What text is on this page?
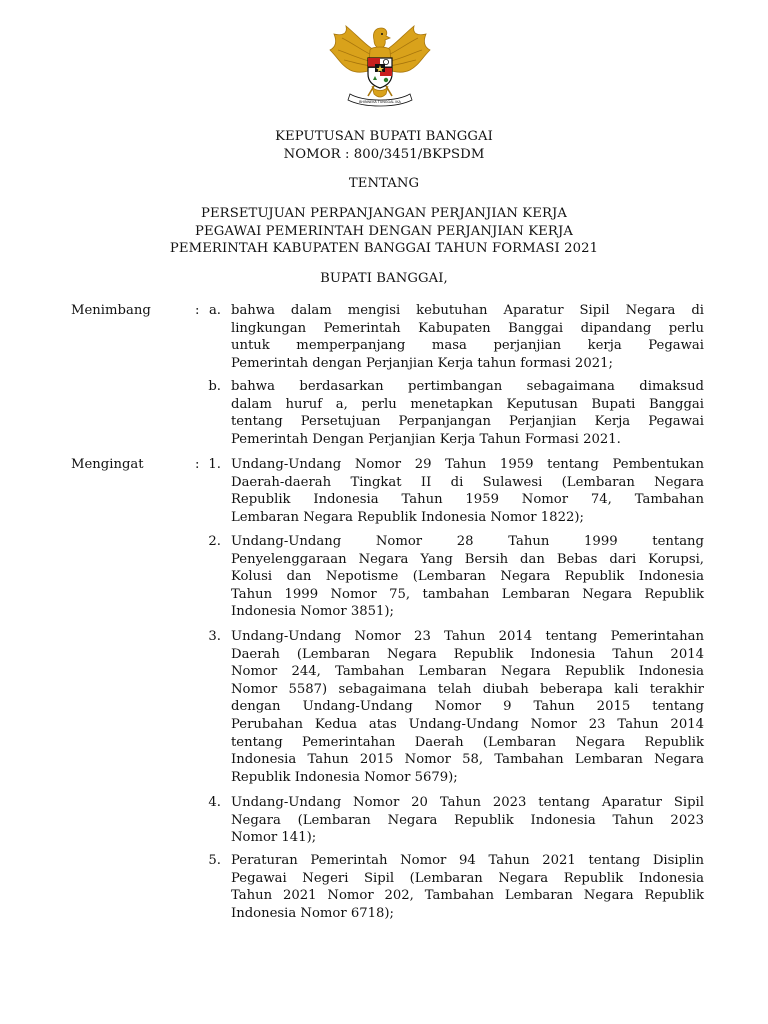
BHINNEKA TUNGGAL IKA
KEPUTUSAN BUPATI BANGGAI
NOMOR : 800/3451/BKPSDM
TENTANG
PERSETUJUAN PERPANJANGAN PERJANJIAN KERJA
PEGAWAI PEMERINTAH DENGAN PERJANJIAN KERJA
PEMERINTAH KABUPATEN BANGGAI TAHUN FORMASI 2021
BUPATI BANGGAI,
Menimbang	: a. bahwa dalam mengisi kebutuhan Aparatur Sipil Negara di
lingkungan Pemerintah Kabupaten Banggai dipandang perlu
untuk memperpanjang masa perjanjian kerja Pegawai
Pemerintah dengan Perjanjian Kerja tahun formasi 2021;
b. bahwa berdasarkan pertimbangan sebagaimana dimaksud
dalam huruf a, perlu menetapkan Keputusan Bupati Banggai
tentang Persetujuan Perpanjangan Perjanjian Kerja Pegawai
Pemerintah Dengan Perjanjian Kerja Tahun Formasi 2021.
Mengingat	: 1. Undang-Undang Nomor 29 Tahun 1959 tentang Pembentukan
Daerah-daerah Tingkat II di Sulawesi (Lembaran Negara
Republik Indonesia Tahun 1959 Nomor 74, Tambahan
Lembaran Negara Republik Indonesia Nomor 1822);
2. Undang-Undang Nomor 28 Tahun 1999 tentang
Penyelenggaraan Negara Yang Bersih dan Bebas dari Korupsi,
Kolusi dan Nepotisme (Lembaran Negara Republik Indonesia
Tahun 1999 Nomor 75, tambahan Lembaran Negara Republik
Indonesia Nomor 3851);
3. Undang-Undang Nomor 23 Tahun 2014 tentang Pemerintahan
Daerah (Lembaran Negara Republik Indonesia Tahun 2014
Nomor 244, Tambahan Lembaran Negara Republik Indonesia
Nomor 5587) sebagaimana telah diubah beberapa kali terakhir
dengan Undang-Undang Nomor 9 Tahun 2015 tentang
Perubahan Kedua atas Undang-Undang Nomor 23 Tahun 2014
tentang Pemerintahan Daerah (Lembaran Negara Republik
Indonesia Tahun 2015 Nomor 58, Tambahan Lembaran Negara
Republik Indonesia Nomor 5679);
4. Undang-Undang Nomor 20 Tahun 2023 tentang Aparatur Sipil
Negara (Lembaran Negara Republik Indonesia Tahun 2023
Nomor 141);
5. Peraturan Pemerintah Nomor 94 Tahun 2021 tentang Disiplin
Pegawai Negeri Sipil (Lembaran Negara Republik Indonesia
Tahun 2021 Nomor 202, Tambahan Lembaran Negara Republik
Indonesia Nomor 6718);
